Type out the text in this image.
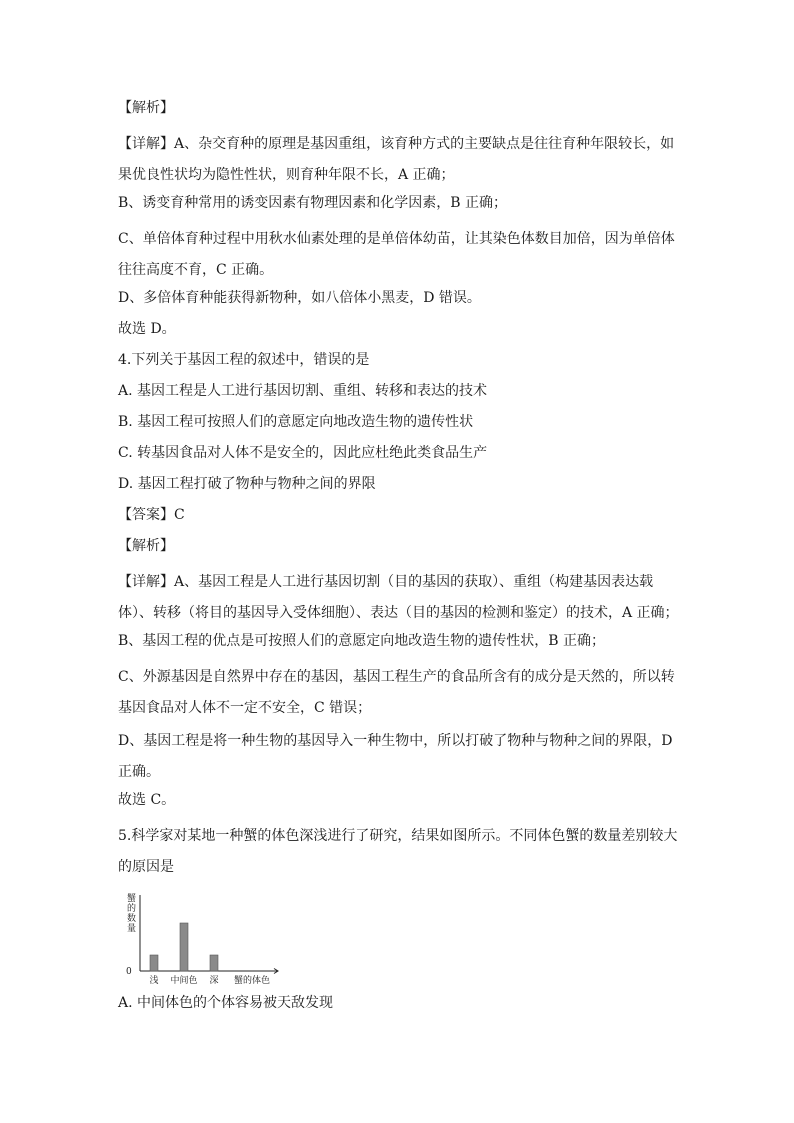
【解析】

【详解】A、杂交育种的原理是基因重组，该育种方式的主要缺点是往往育种年限较长，如果优良性状均为隐性性状，则育种年限不长，A 正确；

B、诱变育种常用的诱变因素有物理因素和化学因素，B 正确；

C、单倍体育种过程中用秋水仙素处理的是单倍体幼苗，让其染色体数目加倍，因为单倍体往往高度不育，C 正确。

D、多倍体育种能获得新物种，如八倍体小黑麦，D 错误。

故选 D。

4.下列关于基因工程的叙述中，错误的是

A. 基因工程是人工进行基因切割、重组、转移和表达的技术

B. 基因工程可按照人们的意愿定向地改造生物的遗传性状

C. 转基因食品对人体不是安全的，因此应杜绝此类食品生产

D. 基因工程打破了物种与物种之间的界限

【答案】C

【解析】

【详解】A、基因工程是人工进行基因切割（目的基因的获取）、重组（构建基因表达载体）、转移（将目的基因导入受体细胞）、表达（目的基因的检测和鉴定）的技术，A 正确；

B、基因工程的优点是可按照人们的意愿定向地改造生物的遗传性状，B 正确；

C、外源基因是自然界中存在的基因，基因工程生产的食品所含有的成分是天然的，所以转基因食品对人体不一定不安全，C 错误；

D、基因工程是将一种生物的基因导入一种生物中，所以打破了物种与物种之间的界限，D 正确。

故选 C。

5.科学家对某地一种蟹的体色深浅进行了研究，结果如图所示。不同体色蟹的数量差别较大的原因是

蟹的数量
0
浅 中间色 深 蟹的体色

A. 中间体色的个体容易被天敌发现
